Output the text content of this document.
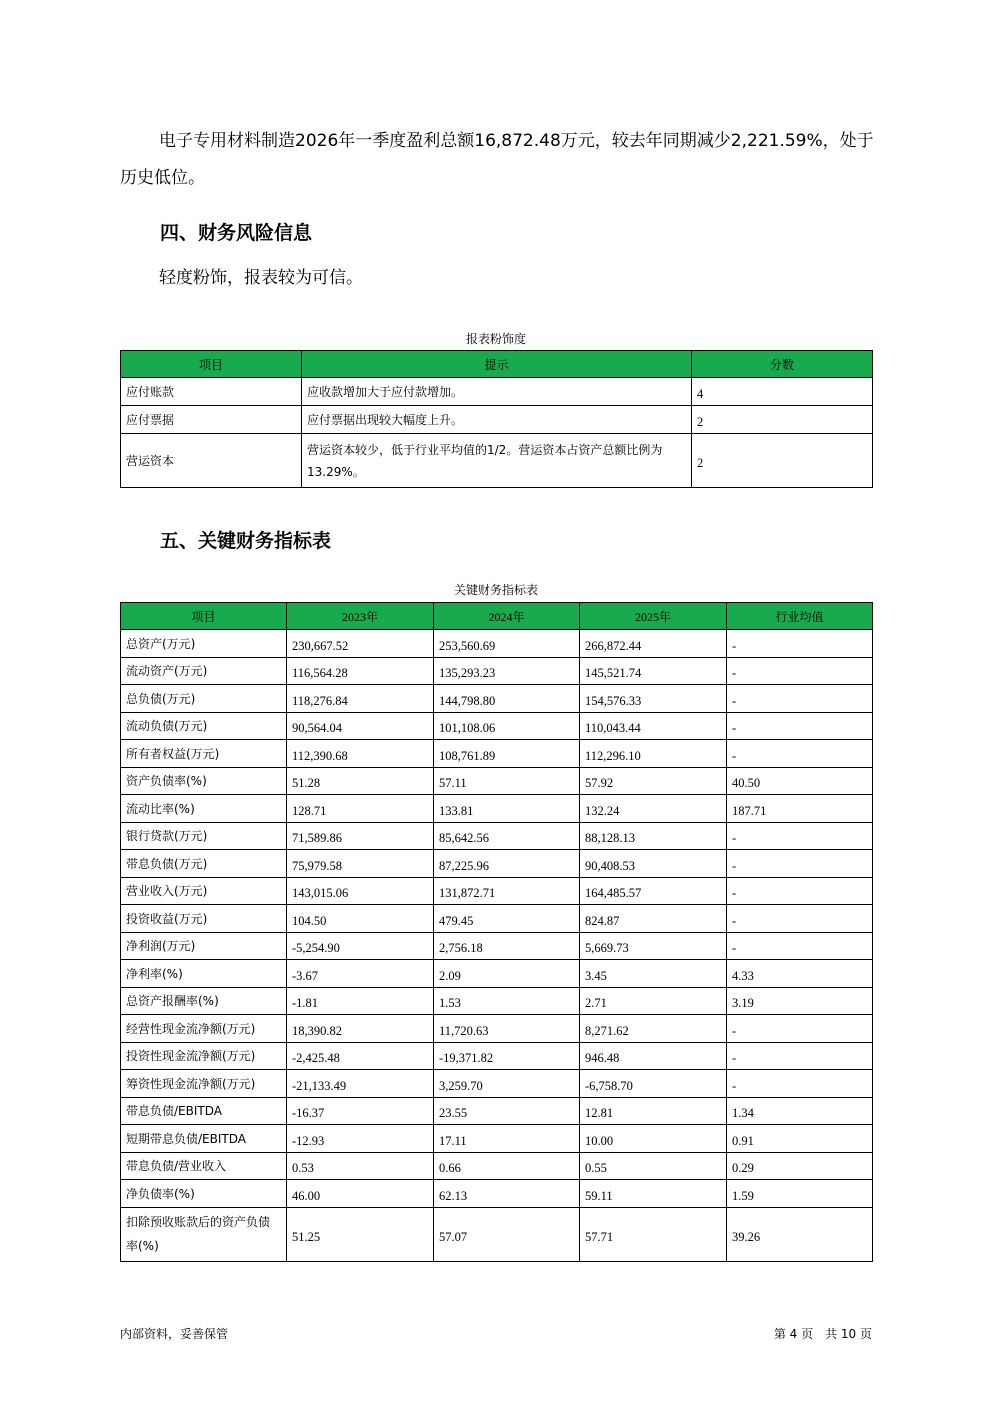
电子专用材料制造2026年一季度盈利总额16,872.48万元，较去年同期减少2,221.59%，处于历史低位。

四、财务风险信息

轻度粉饰，报表较为可信。

报表粉饰度
项目	提示	分数
应付账款	应收款增加大于应付款增加。	4
应付票据	应付票据出现较大幅度上升。	2
营运资本	营运资本较少，低于行业平均值的1/2。营运资本占资产总额比例为13.29%。	2

五、关键财务指标表

关键财务指标表
项目	2023年	2024年	2025年	行业均值
总资产(万元)	230,667.52	253,560.69	266,872.44	-
流动资产(万元)	116,564.28	135,293.23	145,521.74	-
总负债(万元)	118,276.84	144,798.80	154,576.33	-
流动负债(万元)	90,564.04	101,108.06	110,043.44	-
所有者权益(万元)	112,390.68	108,761.89	112,296.10	-
资产负债率(%)	51.28	57.11	57.92	40.50
流动比率(%)	128.71	133.81	132.24	187.71
银行贷款(万元)	71,589.86	85,642.56	88,128.13	-
带息负债(万元)	75,979.58	87,225.96	90,408.53	-
营业收入(万元)	143,015.06	131,872.71	164,485.57	-
投资收益(万元)	104.50	479.45	824.87	-
净利润(万元)	-5,254.90	2,756.18	5,669.73	-
净利率(%)	-3.67	2.09	3.45	4.33
总资产报酬率(%)	-1.81	1.53	2.71	3.19
经营性现金流净额(万元)	18,390.82	11,720.63	8,271.62	-
投资性现金流净额(万元)	-2,425.48	-19,371.82	946.48	-
筹资性现金流净额(万元)	-21,133.49	3,259.70	-6,758.70	-
带息负债/EBITDA	-16.37	23.55	12.81	1.34
短期带息负债/EBITDA	-12.93	17.11	10.00	0.91
带息负债/营业收入	0.53	0.66	0.55	0.29
净负债率(%)	46.00	62.13	59.11	1.59
扣除预收账款后的资产负债率(%)	51.25	57.07	57.71	39.26
内部资料，妥善保管	第 4 页　共 10 页
